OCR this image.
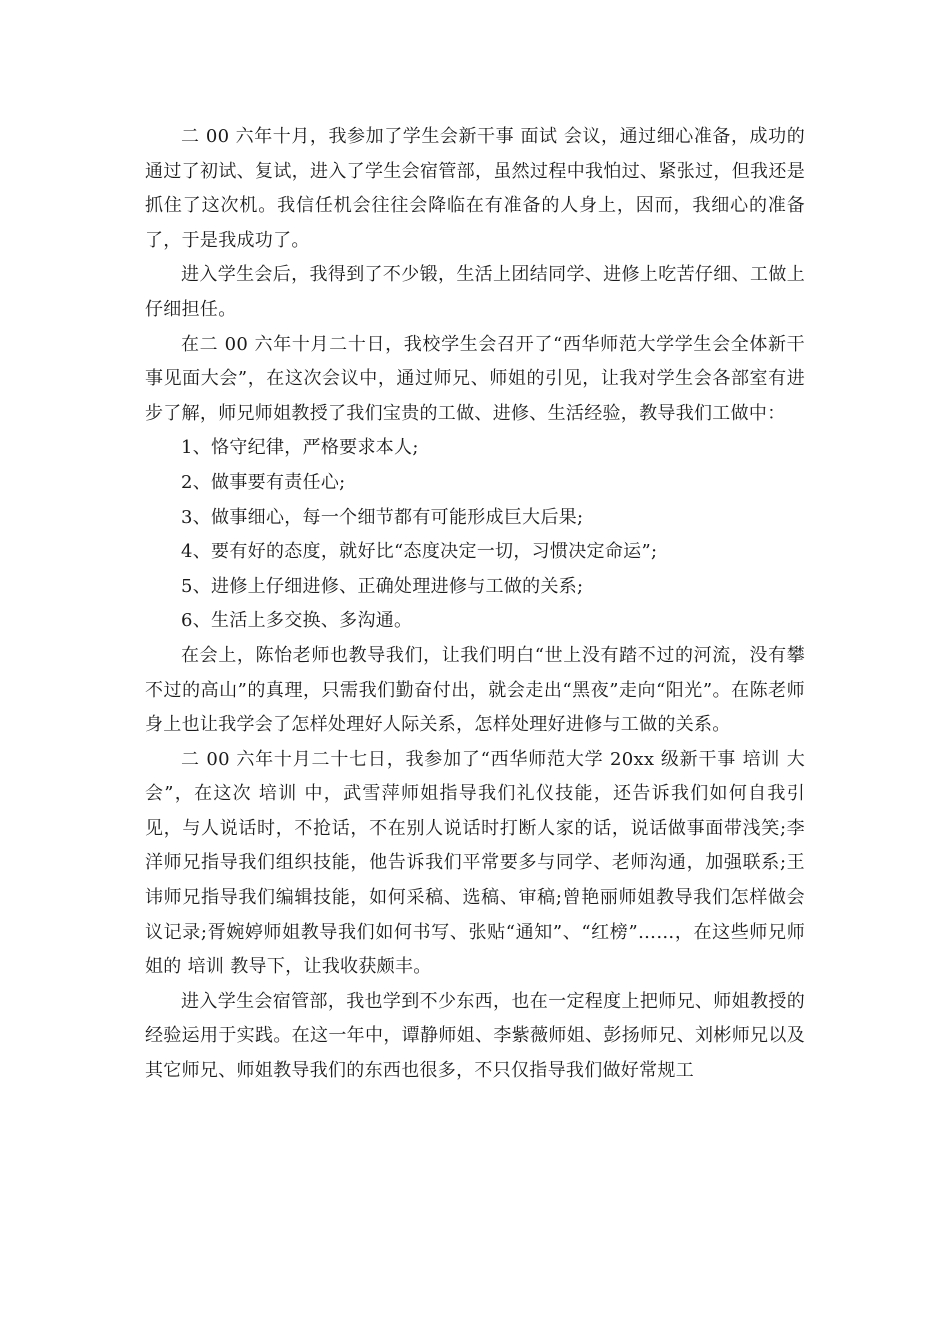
二 00 六年十月，我参加了学生会新干事 面试 会议，通过细心准备，成功的通过了初试、复试，进入了学生会宿管部，虽然过程中我怕过、紧张过，但我还是抓住了这次机。我信任机会往往会降临在有准备的人身上，因而，我细心的准备了，于是我成功了。

进入学生会后，我得到了不少锻，生活上团结同学、进修上吃苦仔细、工做上仔细担任。

在二 00 六年十月二十日，我校学生会召开了“西华师范大学学生会全体新干事见面大会”，在这次会议中，通过师兄、师姐的引见，让我对学生会各部室有进步了解，师兄师姐教授了我们宝贵的工做、进修、生活经验，教导我们工做中：

1、恪守纪律，严格要求本人;

2、做事要有责任心;

3、做事细心，每一个细节都有可能形成巨大后果;

4、要有好的态度，就好比“态度决定一切，习惯决定命运”;

5、进修上仔细进修、正确处理进修与工做的关系;

6、生活上多交换、多沟通。

在会上，陈怡老师也教导我们，让我们明白“世上没有踏不过的河流，没有攀不过的高山”的真理，只需我们勤奋付出，就会走出“黑夜”走向“阳光”。在陈老师身上也让我学会了怎样处理好人际关系，怎样处理好进修与工做的关系。

二 00 六年十月二十七日，我参加了“西华师范大学 20xx 级新干事 培训 大会”，在这次 培训 中，武雪萍师姐指导我们礼仪技能，还告诉我们如何自我引见，与人说话时，不抢话，不在别人说话时打断人家的话，说话做事面带浅笑;李洋师兄指导我们组织技能，他告诉我们平常要多与同学、老师沟通，加强联系;王讳师兄指导我们编辑技能，如何采稿、选稿、审稿;曾艳丽师姐教导我们怎样做会议记录;胥婉婷师姐教导我们如何书写、张贴“通知”、“红榜”……，在这些师兄师姐的 培训 教导下，让我收获颇丰。

进入学生会宿管部，我也学到不少东西，也在一定程度上把师兄、师姐教授的经验运用于实践。在这一年中，谭静师姐、李紫薇师姐、彭扬师兄、刘彬师兄以及其它师兄、师姐教导我们的东西也很多，不只仅指导我们做好常规工
